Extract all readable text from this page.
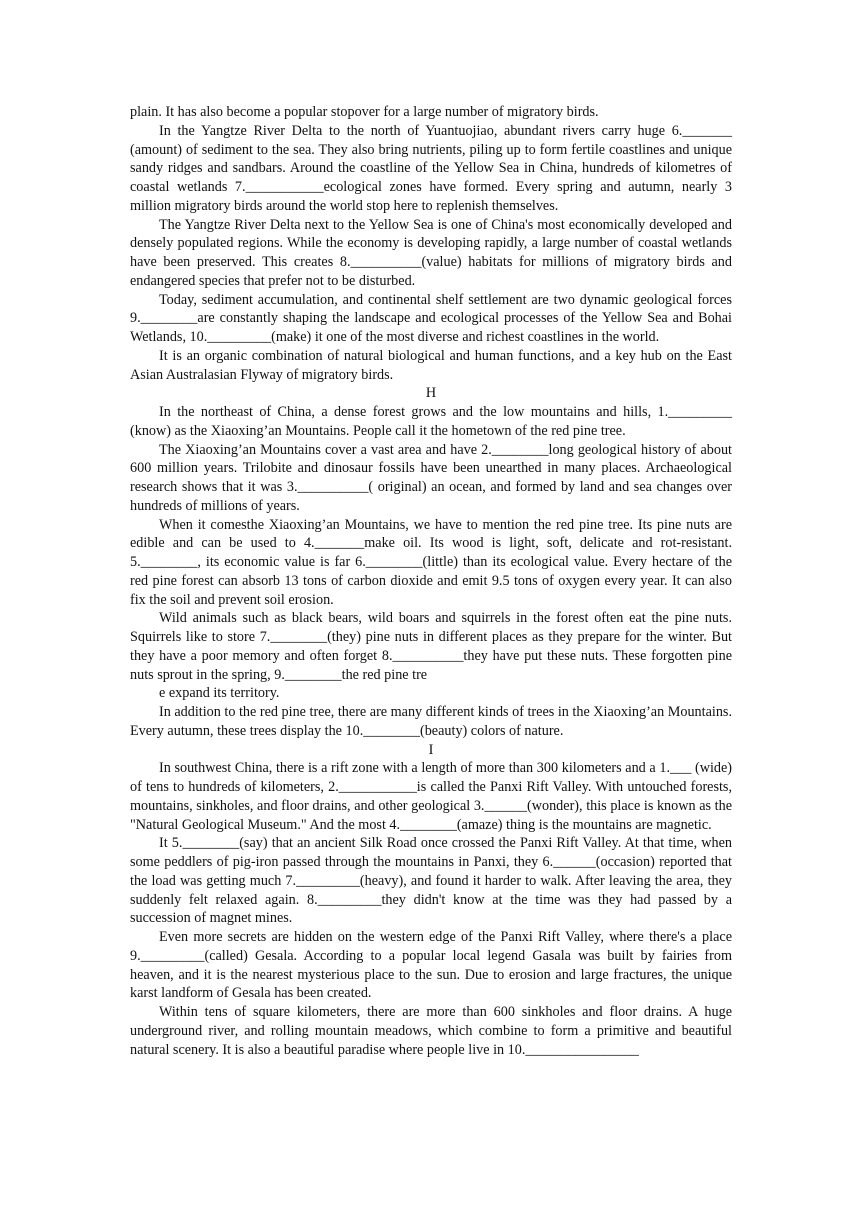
plain. It has also become a popular stopover for a large number of migratory birds.

In the Yangtze River Delta to the north of Yuantuojiao, abundant rivers carry huge 6._______ (amount) of sediment to the sea. They also bring nutrients, piling up to form fertile coastlines and unique sandy ridges and sandbars. Around the coastline of the Yellow Sea in China, hundreds of kilometres of coastal wetlands 7.___________ecological zones have formed. Every spring and autumn, nearly 3 million migratory birds around the world stop here to replenish themselves.

The Yangtze River Delta next to the Yellow Sea is one of China's most economically developed and densely populated regions. While the economy is developing rapidly, a large number of coastal wetlands have been preserved. This creates 8.__________(value) habitats for millions of migratory birds and endangered species that prefer not to be disturbed.

Today, sediment accumulation, and continental shelf settlement are two dynamic geological forces 9.________are constantly shaping the landscape and ecological processes of the Yellow Sea and Bohai Wetlands, 10._________(make) it one of the most diverse and richest coastlines in the world.

It is an organic combination of natural biological and human functions, and a key hub on the East Asian Australasian Flyway of migratory birds.

H

In the northeast of China, a dense forest grows and the low mountains and hills, 1._________ (know) as the Xiaoxing’an Mountains. People call it the hometown of the red pine tree.

The Xiaoxing’an Mountains cover a vast area and have 2.________long geological history of about 600 million years. Trilobite and dinosaur fossils have been unearthed in many places. Archaeological research shows that it was 3.__________( original) an ocean, and formed by land and sea changes over hundreds of millions of years.

When it comesthe Xiaoxing’an Mountains, we have to mention the red pine tree. Its pine nuts are edible and can be used to 4._______make oil. Its wood is light, soft, delicate and rot-resistant. 5.________, its economic value is far 6.________(little) than its ecological value. Every hectare of the red pine forest can absorb 13 tons of carbon dioxide and emit 9.5 tons of oxygen every year. It can also fix the soil and prevent soil erosion.

Wild animals such as black bears, wild boars and squirrels in the forest often eat the pine nuts. Squirrels like to store 7.________(they) pine nuts in different places as they prepare for the winter. But they have a poor memory and often forget 8.__________they have put these nuts. These forgotten pine nuts sprout in the spring, 9.________the red pine tre

e expand its territory.

In addition to the red pine tree, there are many different kinds of trees in the Xiaoxing’an Mountains. Every autumn, these trees display the 10.________(beauty) colors of nature.

I

In southwest China, there is a rift zone with a length of more than 300 kilometers and a 1.___ (wide) of tens to hundreds of kilometers, 2.___________is called the Panxi Rift Valley. With untouched forests, mountains, sinkholes, and floor drains, and other geological 3.______(wonder), this place is known as the "Natural Geological Museum." And the most 4.________(amaze) thing is the mountains are magnetic.

It 5.________(say) that an ancient Silk Road once crossed the Panxi Rift Valley. At that time, when some peddlers of pig-iron passed through the mountains in Panxi, they 6.______(occasion) reported that the load was getting much 7._________(heavy), and found it harder to walk. After leaving the area, they suddenly felt relaxed again. 8._________they didn't know at the time was they had passed by a succession of magnet mines.

Even more secrets are hidden on the western edge of the Panxi Rift Valley, where there's a place 9._________(called) Gesala. According to a popular local legend Gasala was built by fairies from heaven, and it is the nearest mysterious place to the sun. Due to erosion and large fractures, the unique karst landform of Gesala has been created.

Within tens of square kilometers, there are more than 600 sinkholes and floor drains. A huge underground river, and rolling mountain meadows, which combine to form a primitive and beautiful natural scenery. It is also a beautiful paradise where people live in 10.________________
